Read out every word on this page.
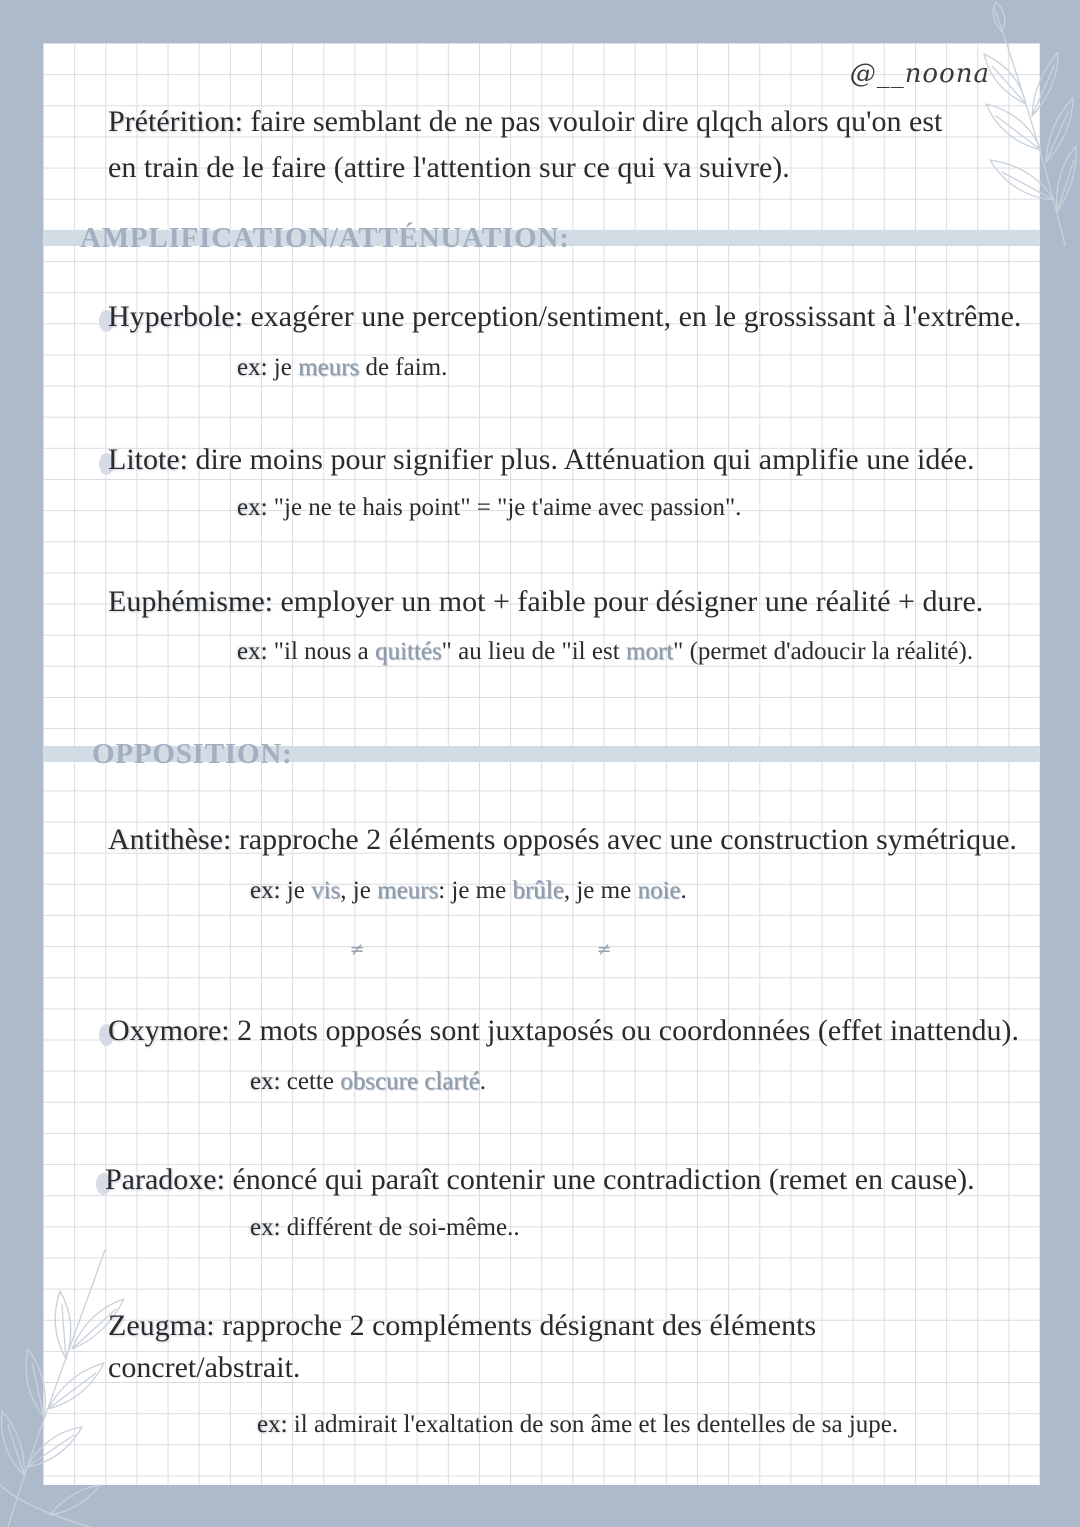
@__noona
Prétérition: faire semblant de ne pas vouloir dire qlqch alors qu'on est
en train de le faire (attire l'attention sur ce qui va suivre).
AMPLIFICATION/ATTÉNUATION:
Hyperbole: exagérer une perception/sentiment, en le grossissant à l'extrême.
ex: je meurs de faim.
Litote: dire moins pour signifier plus. Atténuation qui amplifie une idée.
ex: "je ne te hais point" = "je t'aime avec passion".
Euphémisme: employer un mot + faible pour désigner une réalité + dure.
ex: "il nous a quittés" au lieu de "il est mort" (permet d'adoucir la réalité).
OPPOSITION:
Antithèse: rapproche 2 éléments opposés avec une construction symétrique.
ex: je vis, je meurs: je me brûle, je me noie.
≠	≠
Oxymore: 2 mots opposés sont juxtaposés ou coordonnées (effet inattendu).
ex: cette obscure clarté.
Paradoxe: énoncé qui paraît contenir une contradiction (remet en cause).
ex: différent de soi-même..
Zeugma: rapproche 2 compléments désignant des éléments
concret/abstrait.
ex: il admirait l'exaltation de son âme et les dentelles de sa jupe.
